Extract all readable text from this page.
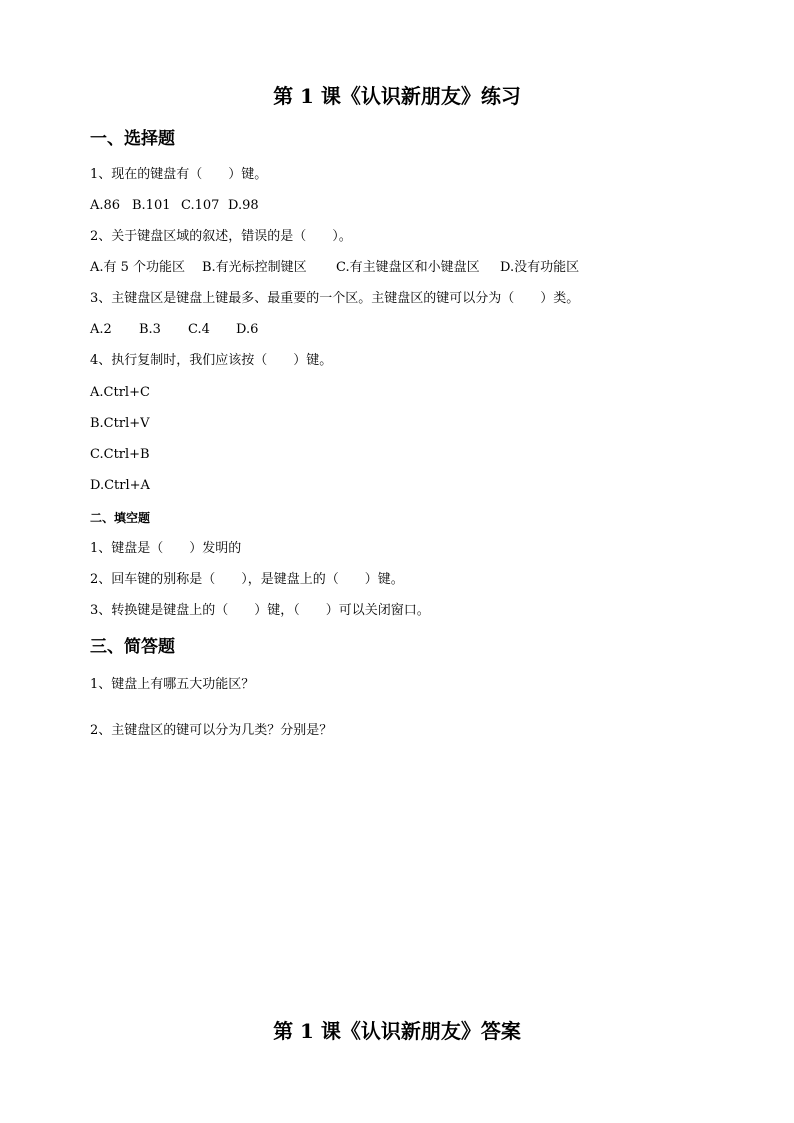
第 1 课《认识新朋友》练习
一、选择题
1、现在的键盘有（　　）键。
A.86 B.101 C.107 D.98
2、关于键盘区域的叙述，错误的是（　　）。
A.有 5 个功能区 B.有光标控制键区 C.有主键盘区和小键盘区 D.没有功能区
3、主键盘区是键盘上键最多、最重要的一个区。主键盘区的键可以分为（　　）类。
A.2 B.3 C.4 D.6
4、执行复制时，我们应该按（　　）键。
A.Ctrl+C
B.Ctrl+V
C.Ctrl+B
D.Ctrl+A
二、填空题
1、键盘是（　　）发明的
2、回车键的别称是（　　），是键盘上的（　　）键。
3、转换键是键盘上的（　　）键，（　　）可以关闭窗口。
三、简答题
1、键盘上有哪五大功能区？
2、主键盘区的键可以分为几类？分别是？
第 1 课《认识新朋友》答案
